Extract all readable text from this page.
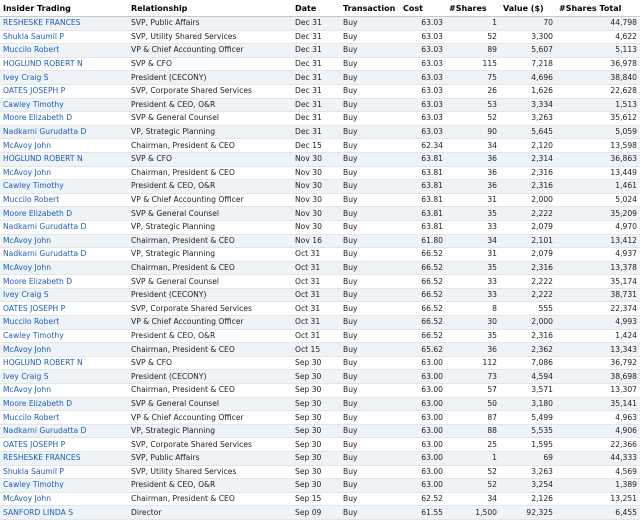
Insider Trading	Relationship	Date	Transaction	Cost	#Shares	Value ($)	#Shares Total
RESHESKE FRANCES	SVP, Public Affairs	Dec 31	Buy	63.03	1	70	44,798
Shukla Saumil P	SVP, Utility Shared Services	Dec 31	Buy	63.03	52	3,300	4,622
Muccilo Robert	VP & Chief Accounting Officer	Dec 31	Buy	63.03	89	5,607	5,113
HOGLUND ROBERT N	SVP & CFO	Dec 31	Buy	63.03	115	7,218	36,978
Ivey Craig S	President (CECONY)	Dec 31	Buy	63.03	75	4,696	38,840
OATES JOSEPH P	SVP, Corporate Shared Services	Dec 31	Buy	63.03	26	1,626	22,628
Cawley Timothy	President & CEO, O&R	Dec 31	Buy	63.03	53	3,334	1,513
Moore Elizabeth D	SVP & General Counsel	Dec 31	Buy	63.03	52	3,263	35,612
Nadkarni Gurudatta D	VP, Strategic Planning	Dec 31	Buy	63.03	90	5,645	5,059
McAvoy John	Chairman, President & CEO	Dec 15	Buy	62.34	34	2,120	13,598
HOGLUND ROBERT N	SVP & CFO	Nov 30	Buy	63.81	36	2,314	36,863
McAvoy John	Chairman, President & CEO	Nov 30	Buy	63.81	36	2,316	13,449
Cawley Timothy	President & CEO, O&R	Nov 30	Buy	63.81	36	2,316	1,461
Muccilo Robert	VP & Chief Accounting Officer	Nov 30	Buy	63.81	31	2,000	5,024
Moore Elizabeth D	SVP & General Counsel	Nov 30	Buy	63.81	35	2,222	35,209
Nadkarni Gurudatta D	VP, Strategic Planning	Nov 30	Buy	63.81	33	2,079	4,970
McAvoy John	Chairman, President & CEO	Nov 16	Buy	61.80	34	2,101	13,412
Nadkarni Gurudatta D	VP, Strategic Planning	Oct 31	Buy	66.52	31	2,079	4,937
McAvoy John	Chairman, President & CEO	Oct 31	Buy	66.52	35	2,316	13,378
Moore Elizabeth D	SVP & General Counsel	Oct 31	Buy	66.52	33	2,222	35,174
Ivey Craig S	President (CECONY)	Oct 31	Buy	66.52	33	2,222	38,731
OATES JOSEPH P	SVP, Corporate Shared Services	Oct 31	Buy	66.52	8	555	22,374
Muccilo Robert	VP & Chief Accounting Officer	Oct 31	Buy	66.52	30	2,000	4,993
Cawley Timothy	President & CEO, O&R	Oct 31	Buy	66.52	35	2,316	1,424
McAvoy John	Chairman, President & CEO	Oct 15	Buy	65.62	36	2,362	13,343
HOGLUND ROBERT N	SVP & CFO	Sep 30	Buy	63.00	112	7,086	36,792
Ivey Craig S	President (CECONY)	Sep 30	Buy	63.00	73	4,594	38,698
McAvoy John	Chairman, President & CEO	Sep 30	Buy	63.00	57	3,571	13,307
Moore Elizabeth D	SVP & General Counsel	Sep 30	Buy	63.00	50	3,180	35,141
Muccilo Robert	VP & Chief Accounting Officer	Sep 30	Buy	63.00	87	5,499	4,963
Nadkarni Gurudatta D	VP, Strategic Planning	Sep 30	Buy	63.00	88	5,535	4,906
OATES JOSEPH P	SVP, Corporate Shared Services	Sep 30	Buy	63.00	25	1,595	22,366
RESHESKE FRANCES	SVP, Public Affairs	Sep 30	Buy	63.00	1	69	44,333
Shukla Saumil P	SVP, Utility Shared Services	Sep 30	Buy	63.00	52	3,263	4,569
Cawley Timothy	President & CEO, O&R	Sep 30	Buy	63.00	52	3,254	1,389
McAvoy John	Chairman, President & CEO	Sep 15	Buy	62.52	34	2,126	13,251
SANFORD LINDA S	Director	Sep 09	Buy	61.55	1,500	92,325	6,455
